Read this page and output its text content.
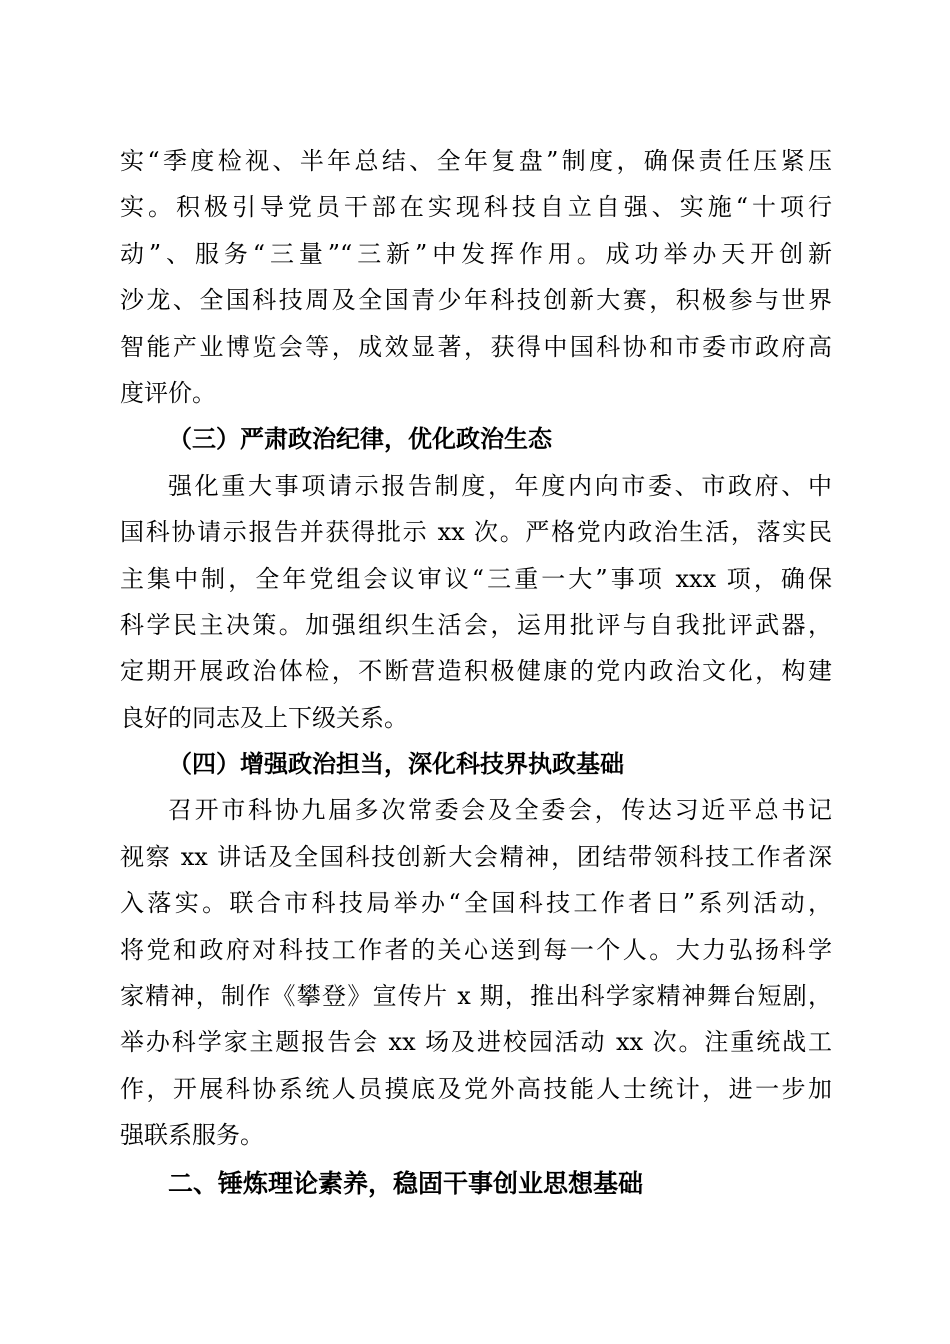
实“季度检视、半年总结、全年复盘”制度，确保责任压紧压
实。积极引导党员干部在实现科技自立自强、实施“十项行
动”、服务“三量”“三新”中发挥作用。成功举办天开创新
沙龙、全国科技周及全国青少年科技创新大赛，积极参与世界
智能产业博览会等，成效显著，获得中国科协和市委市政府高
度评价。
（三）严肃政治纪律，优化政治生态
强化重大事项请示报告制度，年度内向市委、市政府、中
国科协请示报告并获得批示 xx 次。严格党内政治生活，落实民
主集中制，全年党组会议审议“三重一大”事项 xxx 项，确保
科学民主决策。加强组织生活会，运用批评与自我批评武器，
定期开展政治体检，不断营造积极健康的党内政治文化，构建
良好的同志及上下级关系。
（四）增强政治担当，深化科技界执政基础
召开市科协九届多次常委会及全委会，传达习近平总书记
视察 xx 讲话及全国科技创新大会精神，团结带领科技工作者深
入落实。联合市科技局举办“全国科技工作者日”系列活动，
将党和政府对科技工作者的关心送到每一个人。大力弘扬科学
家精神，制作《攀登》宣传片 x 期，推出科学家精神舞台短剧，
举办科学家主题报告会 xx 场及进校园活动 xx 次。注重统战工
作，开展科协系统人员摸底及党外高技能人士统计，进一步加
强联系服务。
二、锤炼理论素养，稳固干事创业思想基础
